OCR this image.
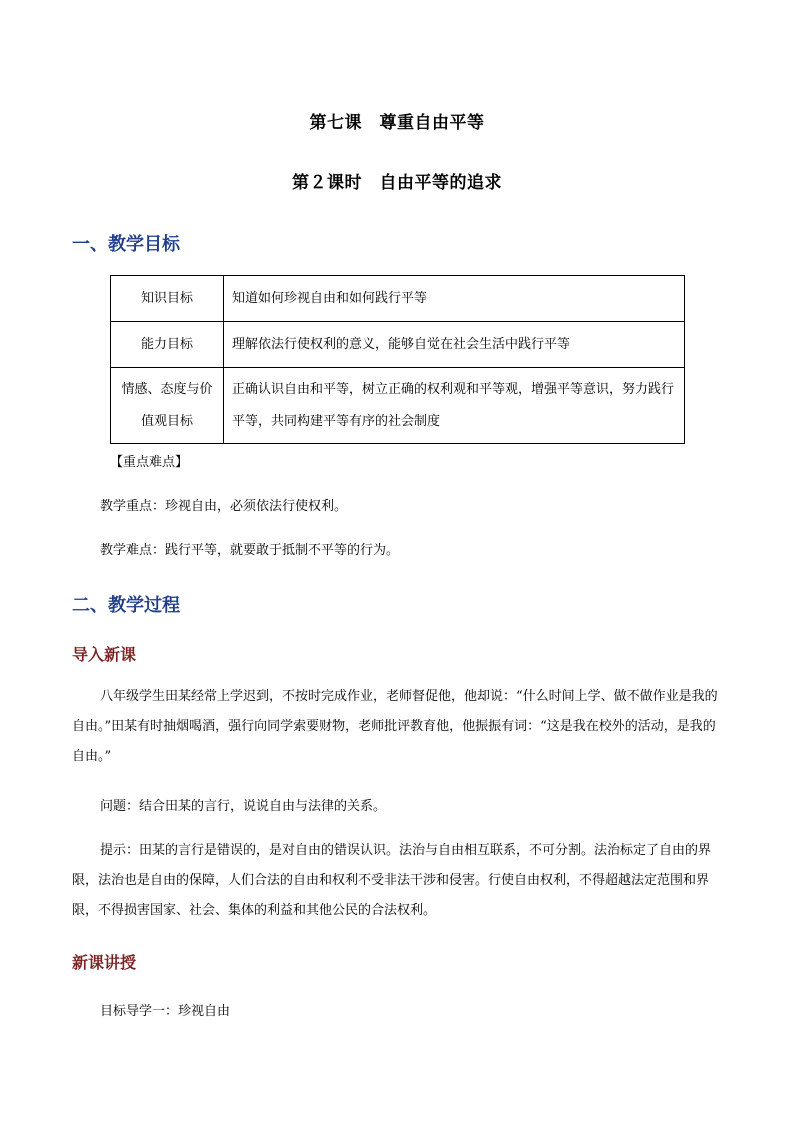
第七课　尊重自由平等
第２课时　自由平等的追求
一、教学目标
知识目标	知道如何珍视自由和如何践行平等
能力目标	理解依法行使权利的意义，能够自觉在社会生活中践行平等
情感、态度与价值观目标	正确认识自由和平等，树立正确的权利观和平等观，增强平等意识，努力践行平等，共同构建平等有序的社会制度
【重点难点】
教学重点：珍视自由，必须依法行使权利。
教学难点：践行平等，就要敢于抵制不平等的行为。
二、教学过程
导入新课
八年级学生田某经常上学迟到，不按时完成作业，老师督促他，他却说：“什么时间上学、做不做作业是我的自由。”田某有时抽烟喝酒，强行向同学索要财物，老师批评教育他，他振振有词：“这是我在校外的活动，是我的自由。”
问题：结合田某的言行，说说自由与法律的关系。
提示：田某的言行是错误的，是对自由的错误认识。法治与自由相互联系，不可分割。法治标定了自由的界限，法治也是自由的保障，人们合法的自由和权利不受非法干涉和侵害。行使自由权利，不得超越法定范围和界限，不得损害国家、社会、集体的利益和其他公民的合法权利。
新课讲授
目标导学一：珍视自由
